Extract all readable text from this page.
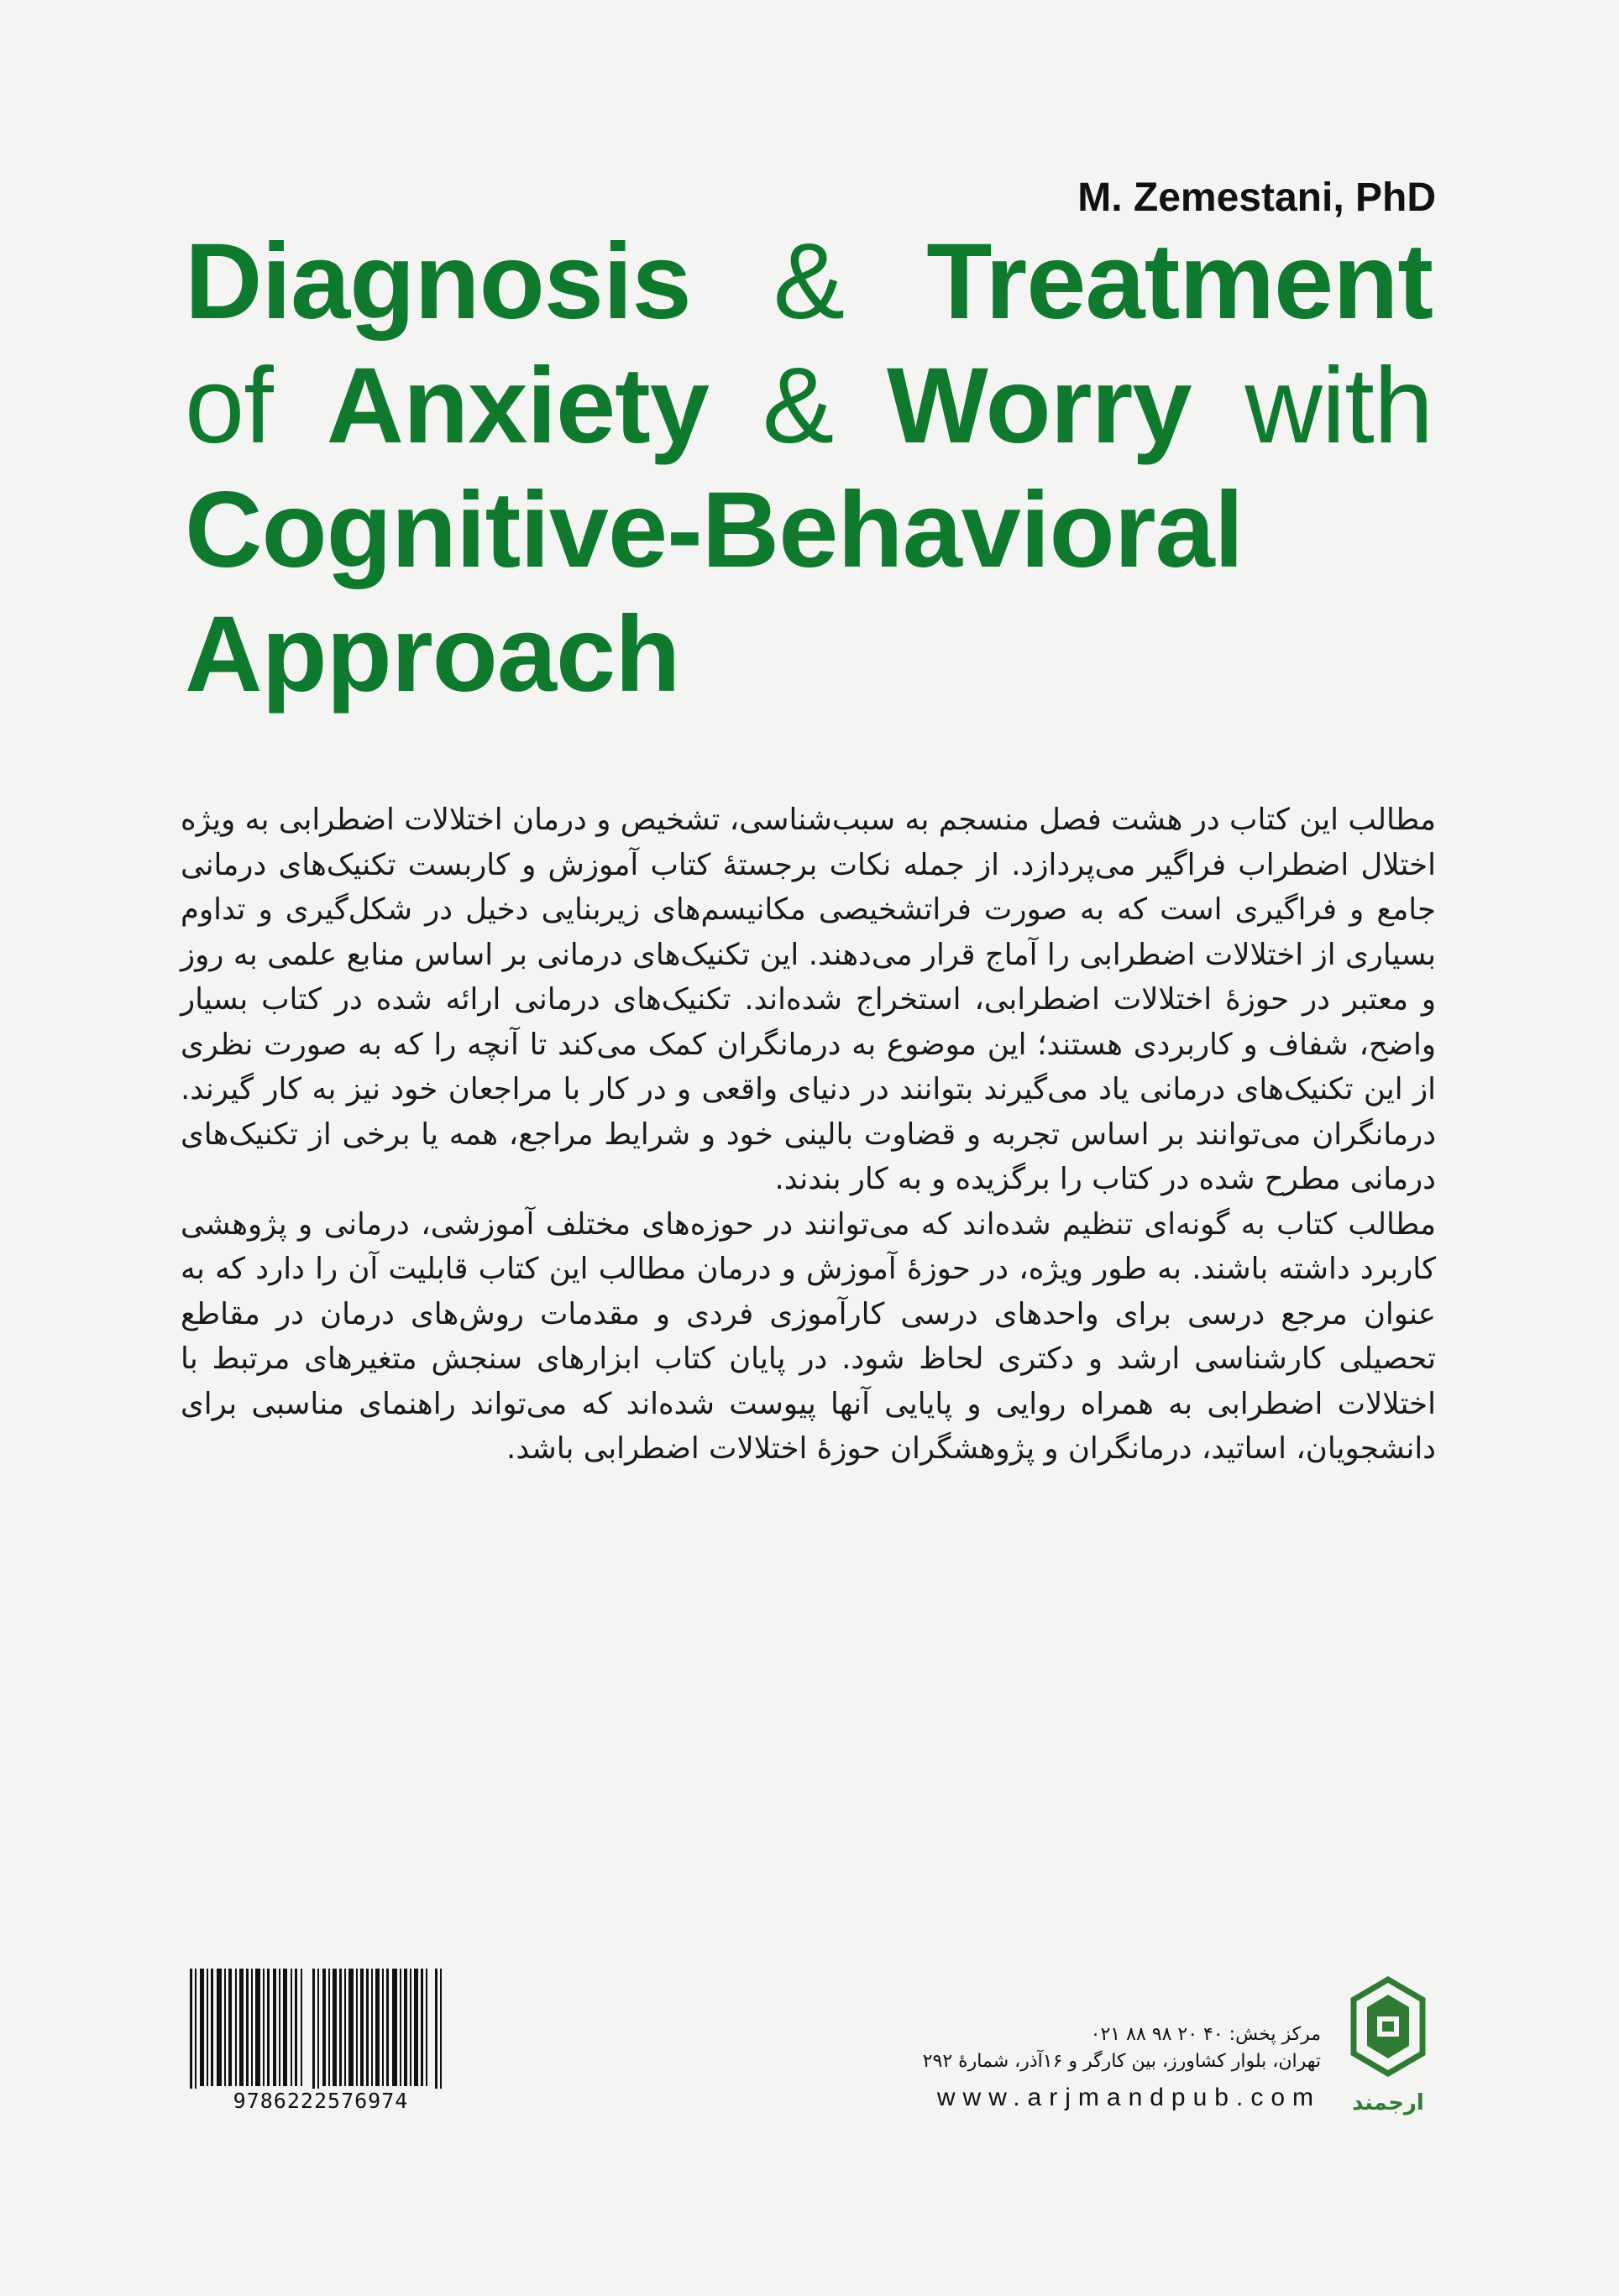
M. Zemestani, PhD
Diagnosis & Treatment
of Anxiety & Worry with
Cognitive-Behavioral
Approach

مطالب این کتاب در هشت فصل منسجم به سبب‌شناسی، تشخیص و درمان اختلالات اضطرابی به ویژه اختلال اضطراب فراگیر می‌پردازد. از جمله نکات برجستهٔ کتاب آموزش و کاربست تکنیک‌های درمانی جامع و فراگیری است که به صورت فراتشخیصی مکانیسم‌های زیربنایی دخیل در شکل‌گیری و تداوم بسیاری از اختلالات اضطرابی را آماج قرار می‌دهند. این تکنیک‌های درمانی بر اساس منابع علمی به روز و معتبر در حوزهٔ اختلالات اضطرابی، استخراج شده‌اند. تکنیک‌های درمانی ارائه شده در کتاب بسیار واضح، شفاف و کاربردی هستند؛ این موضوع به درمانگران کمک می‌کند تا آنچه را که به صورت نظری از این تکنیک‌های درمانی یاد می‌گیرند بتوانند در دنیای واقعی و در کار با مراجعان خود نیز به کار گیرند. درمانگران می‌توانند بر اساس تجربه و قضاوت بالینی خود و شرایط مراجع، همه یا برخی از تکنیک‌های درمانی مطرح شده در کتاب را برگزیده و به کار بندند.

مطالب کتاب به گونه‌ای تنظیم شده‌اند که می‌توانند در حوزه‌های مختلف آموزشی، درمانی و پژوهشی کاربرد داشته باشند. به طور ویژه، در حوزهٔ آموزش و درمان مطالب این کتاب قابلیت آن را دارد که به عنوان مرجع درسی برای واحدهای درسی کارآموزی فردی و مقدمات روش‌های درمان در مقاطع تحصیلی کارشناسی ارشد و دکتری لحاظ شود. در پایان کتاب ابزارهای سنجش متغیرهای مرتبط با اختلالات اضطرابی به همراه روایی و پایایی آنها پیوست شده‌اند که می‌تواند راهنمای مناسبی برای دانشجویان، اساتید، درمانگران و پژوهشگران حوزهٔ اختلالات اضطرابی باشد.

9786222576974
مرکز پخش: ۴۰ ۲۰ ۹۸ ۸۸ ۰۲۱
تهران، بلوار کشاورز، بین کارگر و ۱۶آذر، شمارهٔ ۲۹۲
www.arjmandpub.com	ارجمند
